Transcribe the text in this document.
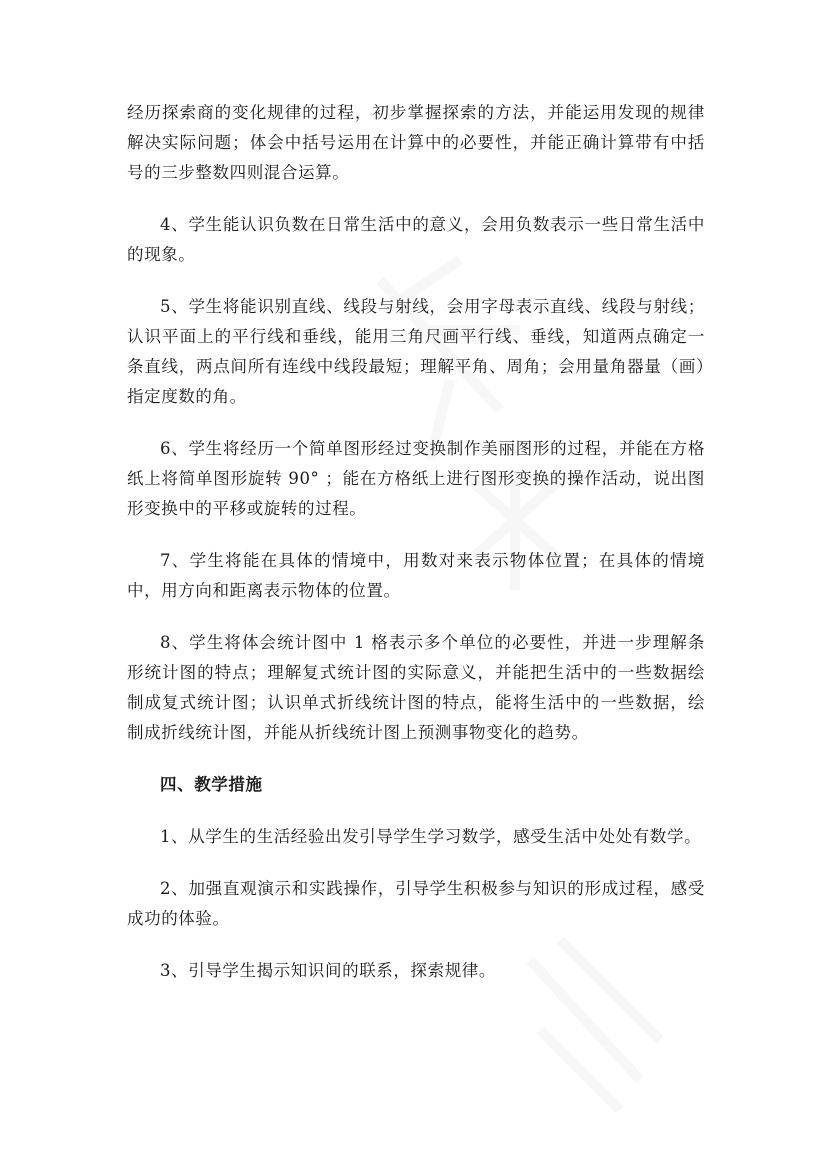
经历探索商的变化规律的过程，初步掌握探索的方法，并能运用发现的规律解决实际问题；体会中括号运用在计算中的必要性，并能正确计算带有中括号的三步整数四则混合运算。

4、学生能认识负数在日常生活中的意义，会用负数表示一些日常生活中的现象。

5、学生将能识别直线、线段与射线，会用字母表示直线、线段与射线；认识平面上的平行线和垂线，能用三角尺画平行线、垂线，知道两点确定一条直线，两点间所有连线中线段最短；理解平角、周角；会用量角器量（画）指定度数的角。

6、学生将经历一个简单图形经过变换制作美丽图形的过程，并能在方格纸上将简单图形旋转 90° ；能在方格纸上进行图形变换的操作活动，说出图形变换中的平移或旋转的过程。

7、学生将能在具体的情境中，用数对来表示物体位置；在具体的情境中，用方向和距离表示物体的位置。

8、学生将体会统计图中 1 格表示多个单位的必要性，并进一步理解条形统计图的特点；理解复式统计图的实际意义，并能把生活中的一些数据绘制成复式统计图；认识单式折线统计图的特点，能将生活中的一些数据，绘制成折线统计图，并能从折线统计图上预测事物变化的趋势。

四、教学措施

1、从学生的生活经验出发引导学生学习数学，感受生活中处处有数学。

2、加强直观演示和实践操作，引导学生积极参与知识的形成过程，感受成功的体验。

3、引导学生揭示知识间的联系，探索规律。
